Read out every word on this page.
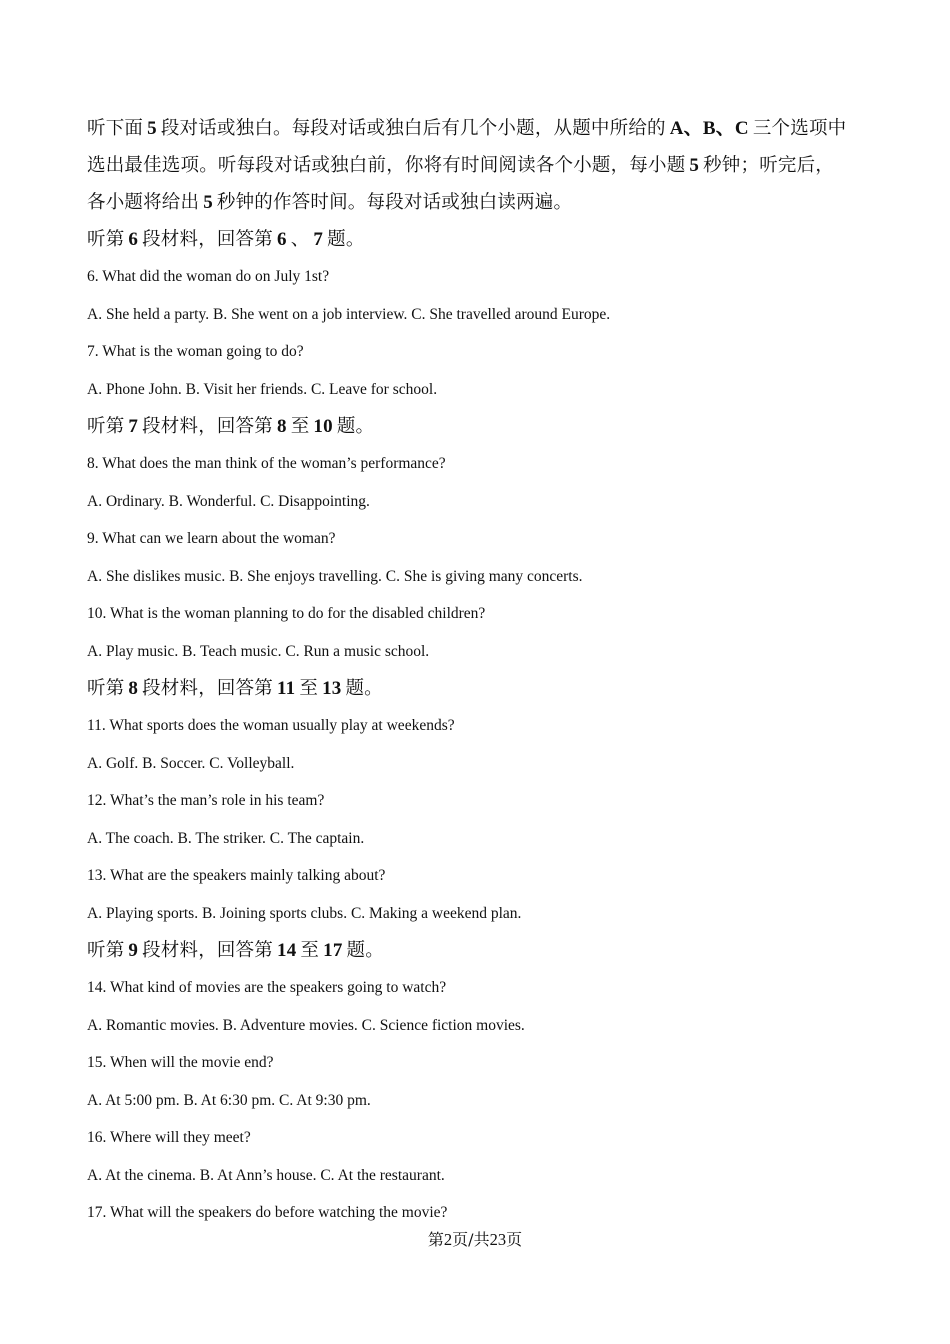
听下面 5 段对话或独白。每段对话或独白后有几个小题，从题中所给的 A、B、C 三个选项中
选出最佳选项。听每段对话或独白前，你将有时间阅读各个小题，每小题 5 秒钟；听完后，
各小题将给出 5 秒钟的作答时间。每段对话或独白读两遍。
听第 6 段材料，回答第 6 、 7 题。
6. What did the woman do on July 1st?
A. She held a party. B. She went on a job interview. C. She travelled around Europe.
7. What is the woman going to do?
A. Phone John. B. Visit her friends. C. Leave for school.
听第 7 段材料，回答第 8 至 10 题。
8. What does the man think of the woman’s performance?
A. Ordinary. B. Wonderful. C. Disappointing.
9. What can we learn about the woman?
A. She dislikes music. B. She enjoys travelling. C. She is giving many concerts.
10. What is the woman planning to do for the disabled children?
A. Play music. B. Teach music. C. Run a music school.
听第 8 段材料，回答第 11 至 13 题。
11. What sports does the woman usually play at weekends?
A. Golf. B. Soccer. C. Volleyball.
12. What’s the man’s role in his team?
A. The coach. B. The striker. C. The captain.
13. What are the speakers mainly talking about?
A. Playing sports. B. Joining sports clubs. C. Making a weekend plan.
听第 9 段材料，回答第 14 至 17 题。
14. What kind of movies are the speakers going to watch?
A. Romantic movies. B. Adventure movies. C. Science fiction movies.
15. When will the movie end?
A. At 5:00 pm. B. At 6:30 pm. C. At 9:30 pm.
16. Where will they meet?
A. At the cinema. B. At Ann’s house. C. At the restaurant.
17. What will the speakers do before watching the movie?
第2页/共23页
